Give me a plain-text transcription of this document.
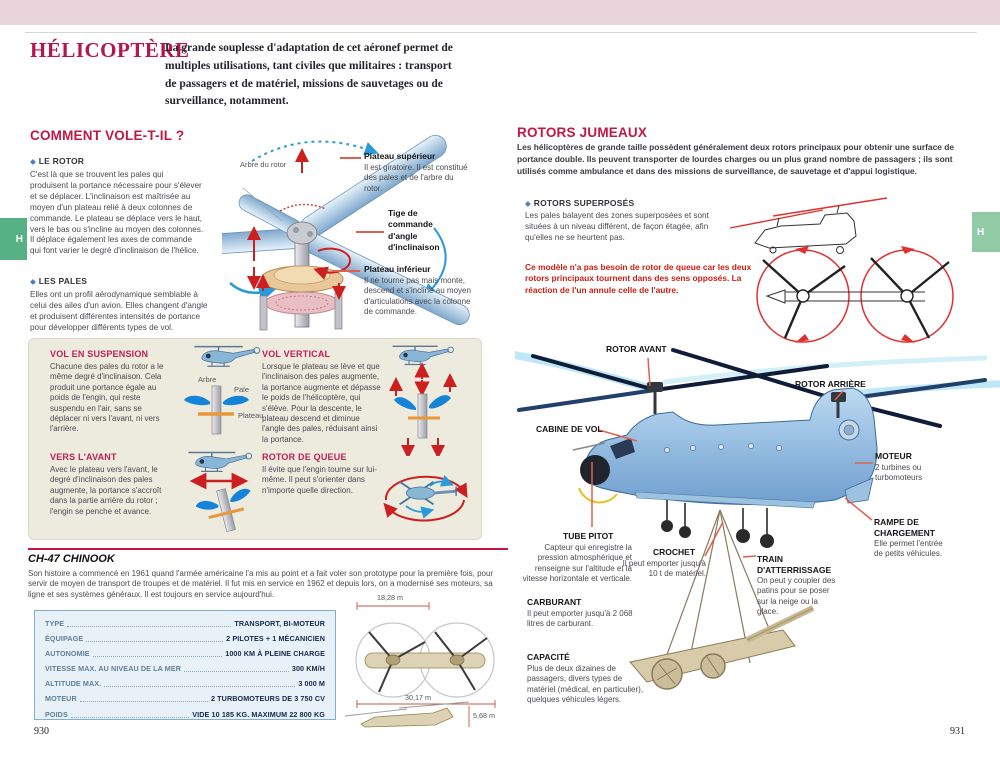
H
H
HÉLICOPTÈRE
La grande souplesse d'adaptation de cet aéronef permet de multiples utilisations, tant civiles que militaires : transport de passagers et de matériel, missions de sauvetages ou de surveillance, notamment.
COMMENT VOLE-T-IL ?
◆ LE ROTOR
C'est là que se trouvent les pales qui produisent la portance nécessaire pour s'élever et se déplacer. L'inclinaison est maîtrisée au moyen d'un plateau relié à deux colonnes de commande. Le plateau se déplace vers le haut, vers le bas ou s'incline au moyen des colonnes. Il déplace également les axes de commande qui font varier le degré d'inclinaison de l'hélice.
◆ LES PALES
Elles ont un profil aérodynamique semblable à celui des ailes d'un avion. Elles changent d'angle et produisent différentes intensités de portance pour développer différents types de vol.
Arbre du rotor
Plateau supérieur
Il est giratoire. Il est constitué des pales et de l'arbre du rotor.
Tige de commande d'angle d'inclinaison
Plateau inférieur
Il ne tourne pas mais monte, descend et s'incline au moyen d'articulations avec la colonne de commande.
VOL EN SUSPENSION
Chacune des pales du rotor a le même degré d'inclinaison. Cela produit une portance égale au poids de l'engin, qui reste suspendu en l'air, sans se déplacer ni vers l'avant, ni vers l'arrière.
Arbre
Pale
Plateau
VOL VERTICAL
Lorsque le plateau se lève et que l'inclinaison des pales augmente, la portance augmente et dépasse le poids de l'hélicoptère, qui s'élève. Pour la descente, le plateau descend et diminue l'angle des pales, réduisant ainsi la portance.
VERS L'AVANT
Avec le plateau vers l'avant, le degré d'inclinaison des pales augmente, la portance s'accroît dans la partie arrière du rotor ; l'engin se penche et avance.
ROTOR DE QUEUE
Il évite que l'engin tourne sur lui-même. Il peut s'orienter dans n'importe quelle direction.
CH-47 CHINOOK
Son histoire a commencé en 1961 quand l'armée américaine l'a mis au point et a fait voler son prototype pour la première fois, pour servir de moyen de transport de troupes et de matériel. Il fut mis en service en 1962 et depuis lors, on a modernisé ses moteurs, sa ligne et ses systèmes généraux. Il est toujours en service aujourd'hui.
TYPE	TRANSPORT, BI-MOTEUR
ÉQUIPAGE	2 PILOTES + 1 MÉCANICIEN
AUTONOMIE	1000 KM À PLEINE CHARGE
VITESSE MAX. AU NIVEAU DE LA MER	300 KM/H
ALTITUDE MAX.	3 000 M
MOTEUR	2 TURBOMOTEURS DE 3 750 CV
POIDS	VIDE 10 185 KG. MAXIMUM 22 800 KG
18,28 m
30,17 m
5,68 m
930	931
ROTORS JUMEAUX
Les hélicoptères de grande taille possèdent généralement deux rotors principaux pour obtenir une surface de portance double. Ils peuvent transporter de lourdes charges ou un plus grand nombre de passagers ; ils sont utilisés comme ambulance et dans des missions de surveillance, de sauvetage et d'appui logistique.
◆ ROTORS SUPERPOSÉS
Les pales balayent des zones superposées et sont situées à un niveau différent, de façon étagée, afin qu'elles ne se heurtent pas.
Ce modèle n'a pas besoin de rotor de queue car les deux rotors principaux tournent dans des sens opposés. La réaction de l'un annule celle de l'autre.
ROTOR AVANT
ROTOR ARRIÈRE
CABINE DE VOL
MOTEUR
2 turbines ou turbomoteurs
TUBE PITOT
Capteur qui enregistre la pression atmosphérique et renseigne sur l'altitude et la vitesse horizontale et verticale.
CROCHET
Il peut emporter jusqu'à 10 t de matériel.
TRAIN D'ATTERRISSAGE
On peut y coupler des patins pour se poser sur la neige ou la glace.
RAMPE DE CHARGEMENT
Elle permet l'entrée de petits véhicules.
CARBURANT
Il peut emporter jusqu'à 2 068 litres de carburant.
CAPACITÉ
Plus de deux dizaines de passagers, divers types de matériel (médical, en particulier), quelques véhicules légers.
